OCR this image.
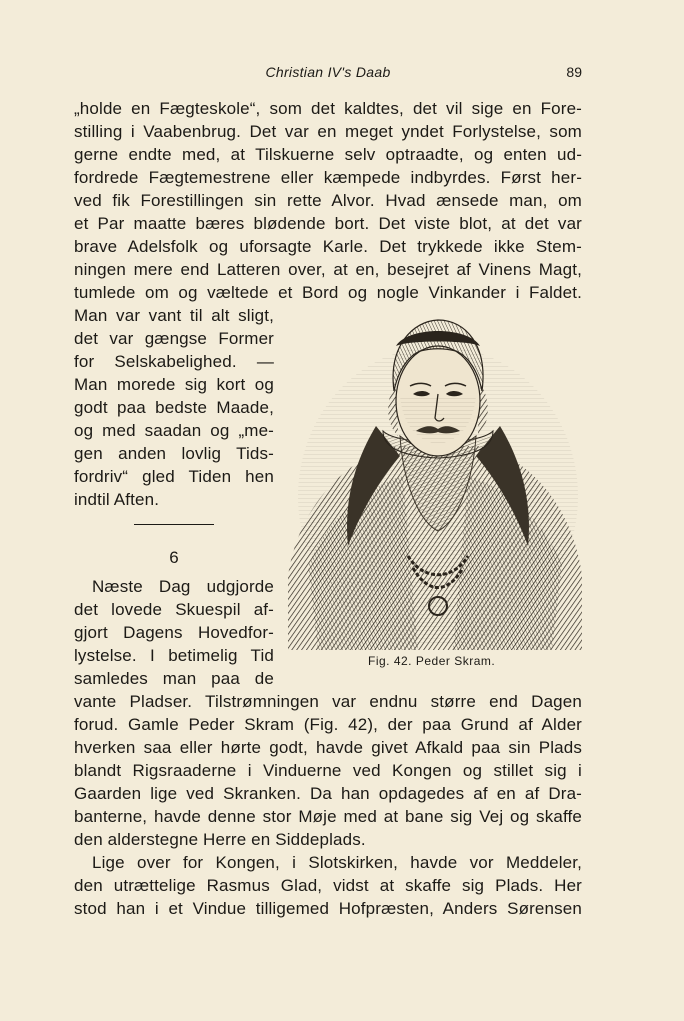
Christian IV's Daab	89
„holde en Fægteskole“, som det kaldtes, det vil sige en Fore-
stilling i Vaabenbrug. Det var en meget yndet Forlystelse, som
gerne endte med, at Tilskuerne selv optraadte, og enten ud-
fordrede Fægtemestrene eller kæmpede indbyrdes. Først her-
ved fik Forestillingen sin rette Alvor. Hvad ænsede man, om
et Par maatte bæres blødende bort. Det viste blot, at det var
brave Adelsfolk og uforsagte Karle. Det trykkede ikke Stem-
ningen mere end Latteren over, at en, besejret af Vinens Magt,
tumlede om og væltede et Bord og nogle Vinkander i Faldet.
Man var vant til alt sligt,
det var gængse Former
for Selskabelighed. —
Man morede sig kort og
godt paa bedste Maade,
og med saadan og „me-
gen anden lovlig Tids-
fordriv“ gled Tiden hen
indtil Aften.
6
Næste Dag udgjorde
det lovede Skuespil af-
gjort Dagens Hovedfor-
lystelse. I betimelig Tid
samledes man paa de
vante Pladser. Tilstrømningen var endnu større end Dagen
forud. Gamle Peder Skram (Fig. 42), der paa Grund af Alder
hverken saa eller hørte godt, havde givet Afkald paa sin Plads
blandt Rigsraaderne i Vinduerne ved Kongen og stillet sig i
Gaarden lige ved Skranken. Da han opdagedes af en af Dra-
banterne, havde denne stor Møje med at bane sig Vej og skaffe
den alderstegne Herre en Siddeplads.
Lige over for Kongen, i Slotskirken, havde vor Meddeler,
den utrættelige Rasmus Glad, vidst at skaffe sig Plads. Her
stod han i et Vindue tilligemed Hofpræsten, Anders Sørensen
Fig. 42. Peder Skram.
